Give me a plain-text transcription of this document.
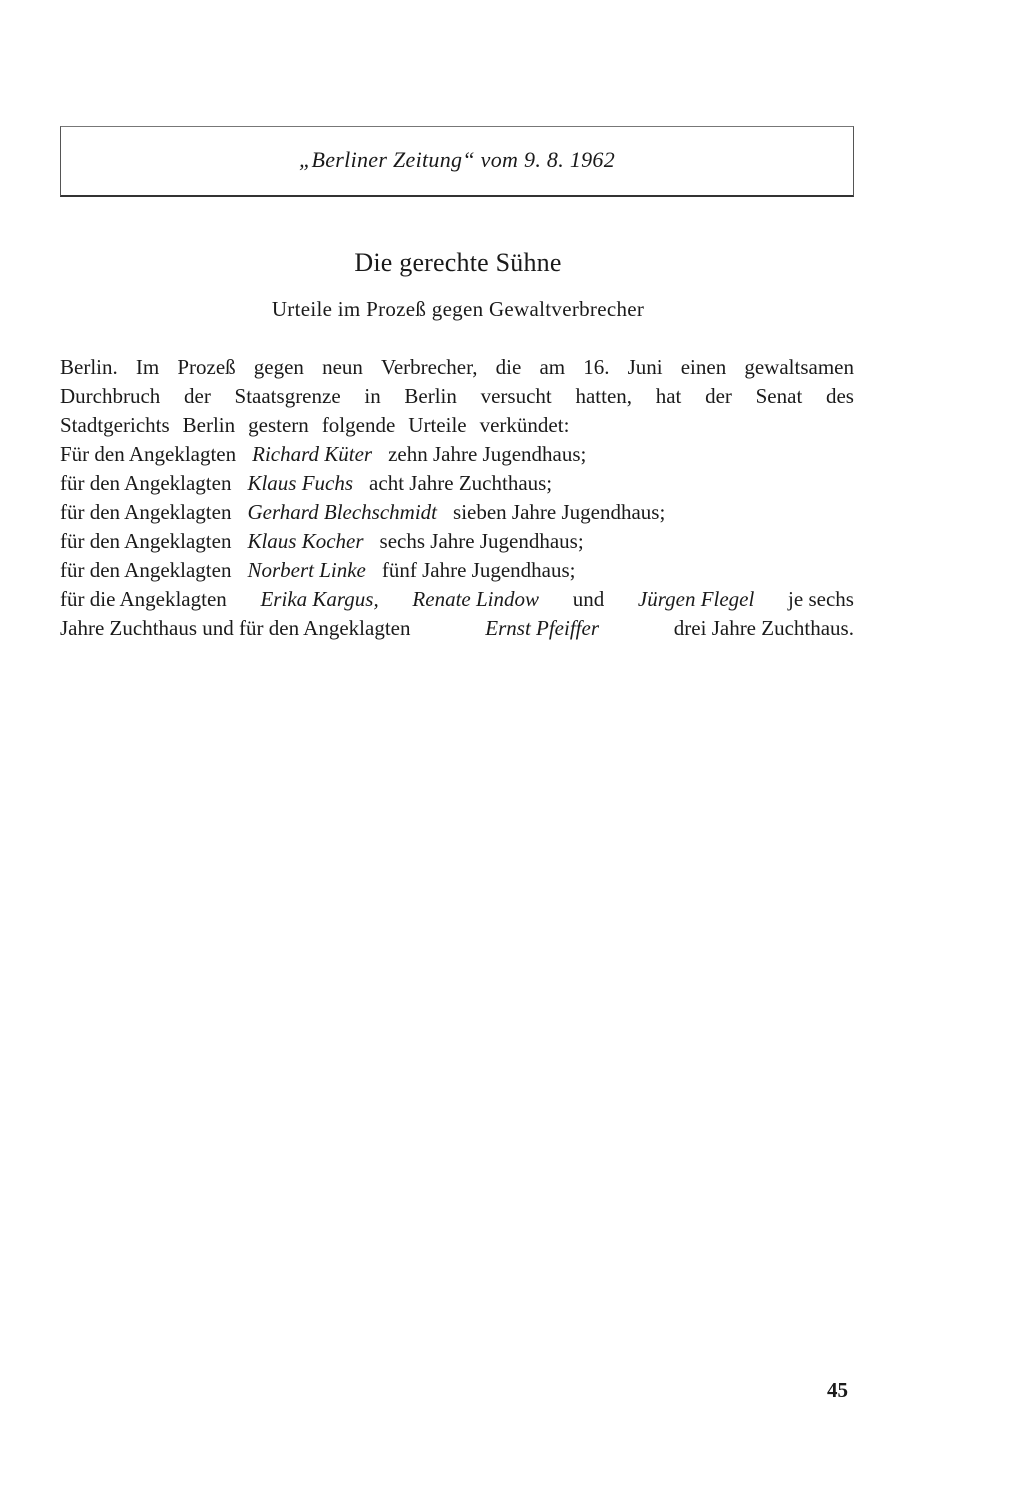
„Berliner Zeitung“ vom 9. 8. 1962
Die gerechte Sühne
Urteile im Prozeß gegen Gewaltverbrecher
Berlin. Im Prozeß gegen neun Verbrecher, die am 16. Juni einen gewaltsamen
Durchbruch der Staatsgrenze in Berlin versucht hatten, hat der Senat des
Stadtgerichts Berlin gestern folgende Urteile verkündet:
Für den Angeklagten Richard Küter zehn Jahre Jugendhaus;
für den Angeklagten Klaus Fuchs acht Jahre Zuchthaus;
für den Angeklagten Gerhard Blechschmidt sieben Jahre Jugendhaus;
für den Angeklagten Klaus Kocher sechs Jahre Jugendhaus;
für den Angeklagten Norbert Linke fünf Jahre Jugendhaus;
für die Angeklagten Erika Kargus, Renate Lindow und Jürgen Flegel je sechs
Jahre Zuchthaus und für den Angeklagten	Ernst Pfeiffer	drei Jahre Zuchthaus.
45
